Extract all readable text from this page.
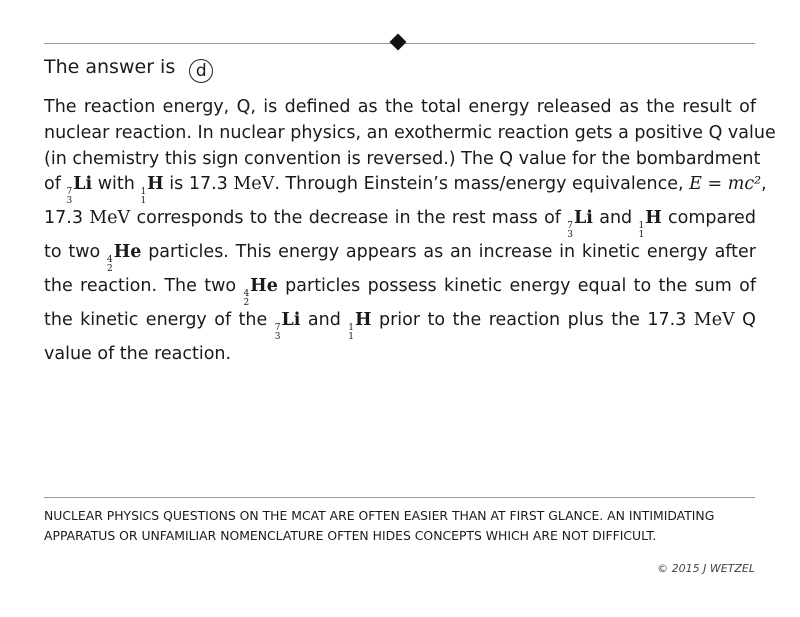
The answer is d
The reaction energy, Q, is defined as the total energy released as the result of
nuclear reaction. In nuclear physics, an exothermic reaction gets a positive Q value
(in chemistry this sign convention is reversed.) The Q value for the bombardment
of 7
3
Li with 1
1
H is 17.3 MeV. Through Einstein’s mass/energy equivalence, E = mc²,
17.3 MeV corresponds to the decrease in the rest mass of 7
3
Li and 1
1
H compared
to two 4
2
He particles. This energy appears as an increase in kinetic energy after
the reaction. The two 4
2
He particles possess kinetic energy equal to the sum of
the kinetic energy of the 7
3
Li and 1
1
H prior to the reaction plus the 17.3 MeV Q
value of the reaction.
NUCLEAR PHYSICS QUESTIONS ON THE MCAT ARE OFTEN EASIER THAN AT FIRST GLANCE. AN INTIMIDATING
APPARATUS OR UNFAMILIAR NOMENCLATURE OFTEN HIDES CONCEPTS WHICH ARE NOT DIFFICULT.
© 2015 J WETZEL
